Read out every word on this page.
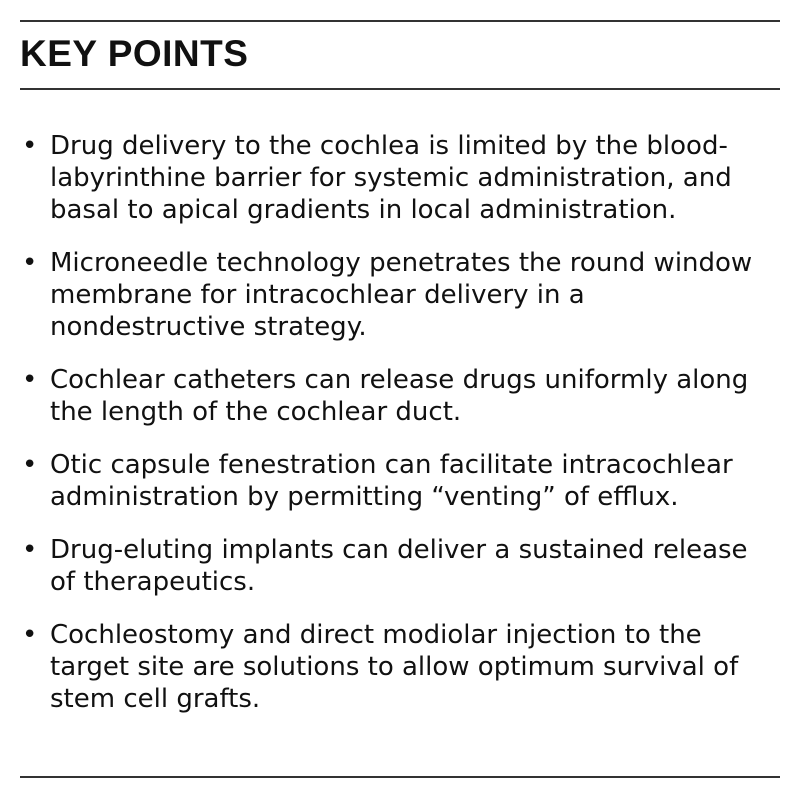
KEY POINTS
• Drug delivery to the cochlea is limited by the blood-labyrinthine barrier for systemic administration, and basal to apical gradients in local administration.
• Microneedle technology penetrates the round window membrane for intracochlear delivery in a nondestructive strategy.
• Cochlear catheters can release drugs uniformly along the length of the cochlear duct.
• Otic capsule fenestration can facilitate intracochlear administration by permitting “venting” of efflux.
• Drug-eluting implants can deliver a sustained release of therapeutics.
• Cochleostomy and direct modiolar injection to the target site are solutions to allow optimum survival of stem cell grafts.
